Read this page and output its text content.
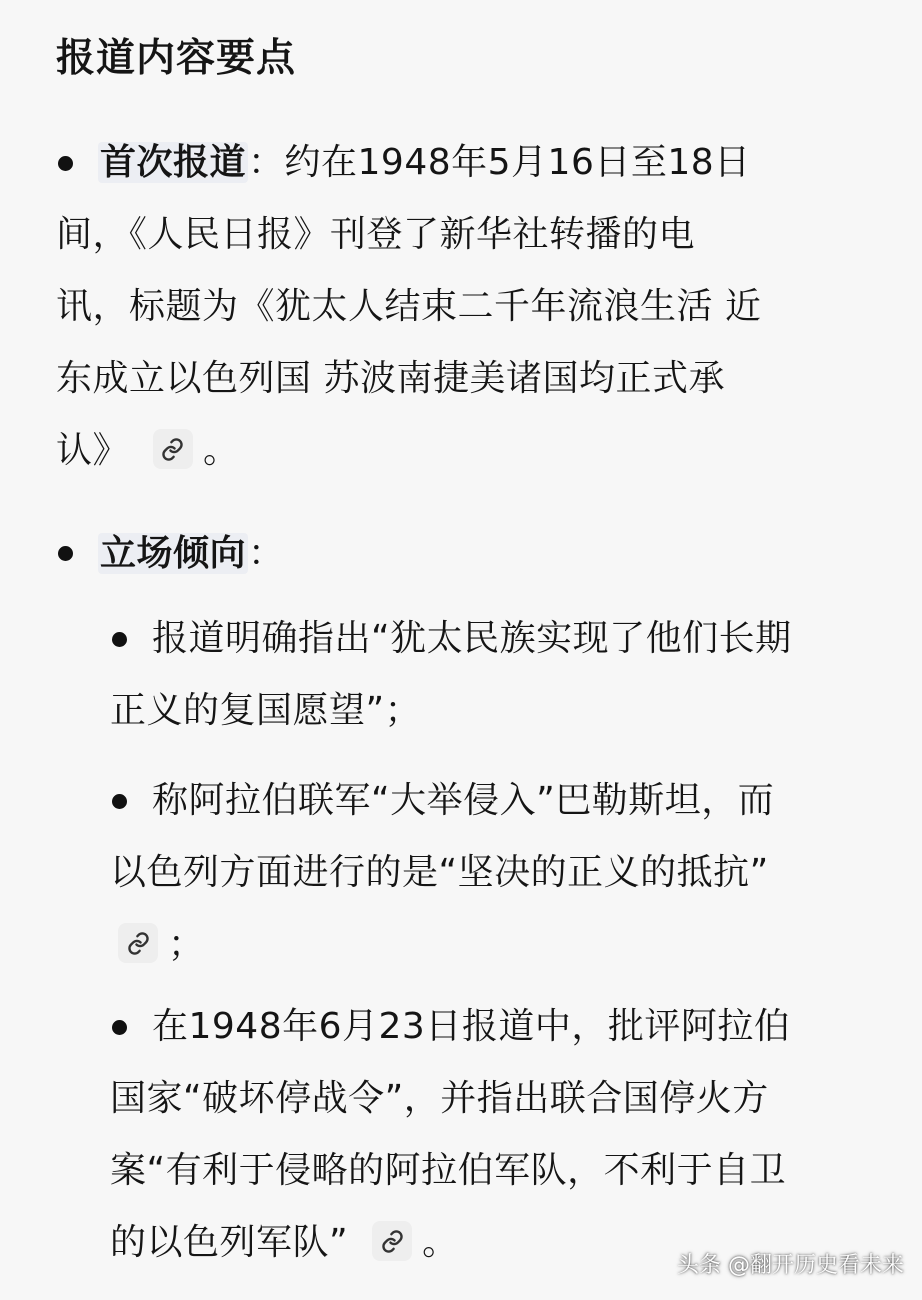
报道内容要点
首次报道：约在1948年5月16日至18日
间，《人民日报》刊登了新华社转播的电
讯，标题为《犹太人结束二千年流浪生活 近
东成立以色列国 苏波南捷美诸国均正式承
认》 。
立场倾向：
报道明确指出“犹太民族实现了他们长期
正义的复国愿望”；
称阿拉伯联军“大举侵入”巴勒斯坦，而
以色列方面进行的是“坚决的正义的抵抗”
；
在1948年6月23日报道中，批评阿拉伯
国家“破坏停战令”，并指出联合国停火方
案“有利于侵略的阿拉伯军队，不利于自卫
的以色列军队” 。
头条 @翻开历史看未来
